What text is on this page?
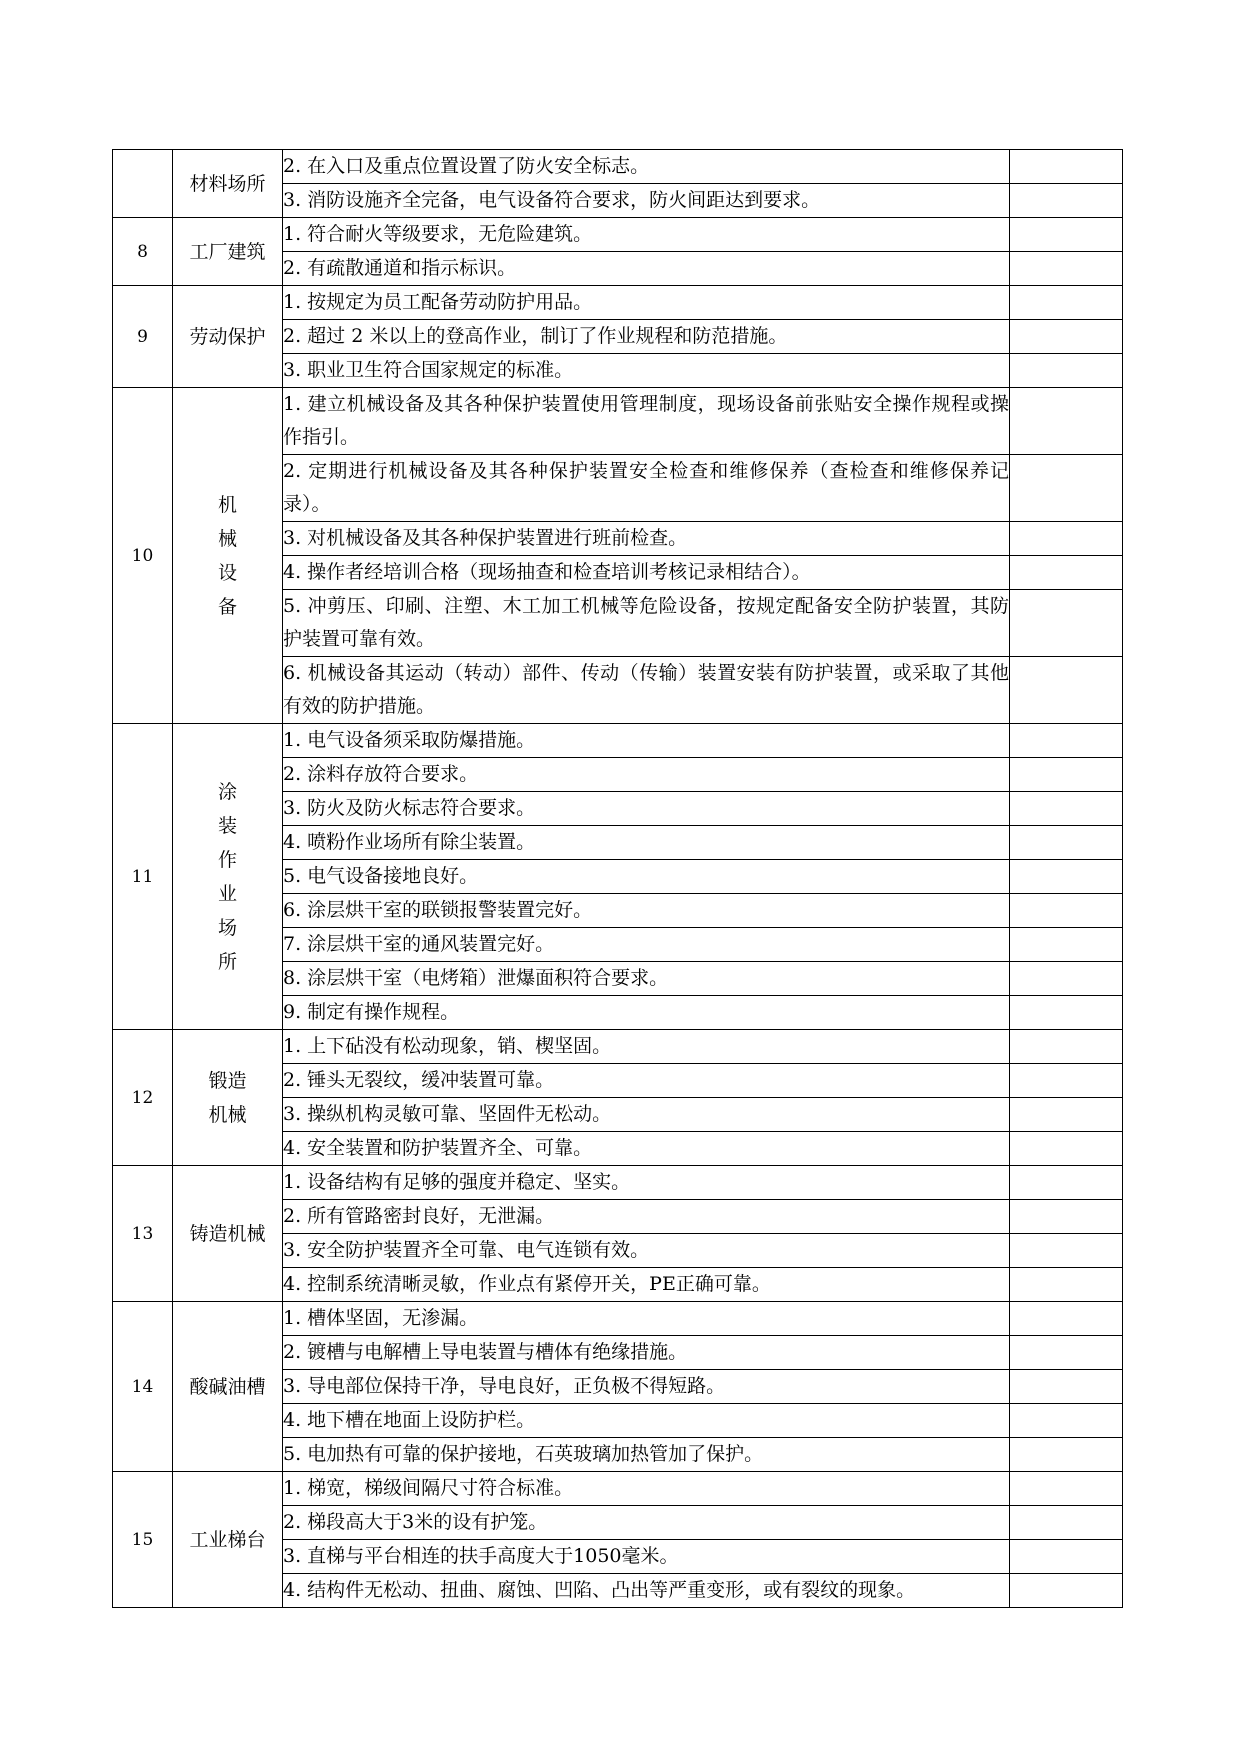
	材料场所	2. 在入口及重点位置设置了防火安全标志。	
		3. 消防设施齐全完备，电气设备符合要求，防火间距达到要求。	
8	工厂建筑	1. 符合耐火等级要求，无危险建筑。	
		2. 有疏散通道和指示标识。	
9	劳动保护	1. 按规定为员工配备劳动防护用品。	
		2. 超过 2 米以上的登高作业，制订了作业规程和防范措施。	
		3. 职业卫生符合国家规定的标准。	
10	机械设备	1. 建立机械设备及其各种保护装置使用管理制度，现场设备前张贴安全操作规程或操作指引。	
		2. 定期进行机械设备及其各种保护装置安全检查和维修保养（查检查和维修保养记录）。	
		3. 对机械设备及其各种保护装置进行班前检查。	
		4. 操作者经培训合格（现场抽查和检查培训考核记录相结合）。	
		5. 冲剪压、印刷、注塑、木工加工机械等危险设备，按规定配备安全防护装置，其防护装置可靠有效。	
		6. 机械设备其运动（转动）部件、传动（传输）装置安装有防护装置，或采取了其他有效的防护措施。	
11	涂装作业场所	1. 电气设备须采取防爆措施。	
		2. 涂料存放符合要求。	
		3. 防火及防火标志符合要求。	
		4. 喷粉作业场所有除尘装置。	
		5. 电气设备接地良好。	
		6. 涂层烘干室的联锁报警装置完好。	
		7. 涂层烘干室的通风装置完好。	
		8. 涂层烘干室（电烤箱）泄爆面积符合要求。	
		9. 制定有操作规程。	
12	锻造机械	1. 上下砧没有松动现象，销、楔坚固。	
		2. 锤头无裂纹，缓冲装置可靠。	
		3. 操纵机构灵敏可靠、坚固件无松动。	
		4. 安全装置和防护装置齐全、可靠。	
13	铸造机械	1. 设备结构有足够的强度并稳定、坚实。	
		2. 所有管路密封良好，无泄漏。	
		3. 安全防护装置齐全可靠、电气连锁有效。	
		4. 控制系统清晰灵敏，作业点有紧停开关，PE正确可靠。	
14	酸碱油槽	1. 槽体坚固，无渗漏。	
		2. 镀槽与电解槽上导电装置与槽体有绝缘措施。	
		3. 导电部位保持干净，导电良好，正负极不得短路。	
		4. 地下槽在地面上设防护栏。	
		5. 电加热有可靠的保护接地，石英玻璃加热管加了保护。	
15	工业梯台	1. 梯宽，梯级间隔尺寸符合标准。	
		2. 梯段高大于3米的设有护笼。	
		3. 直梯与平台相连的扶手高度大于1050毫米。	
		4. 结构件无松动、扭曲、腐蚀、凹陷、凸出等严重变形，或有裂纹的现象。	
